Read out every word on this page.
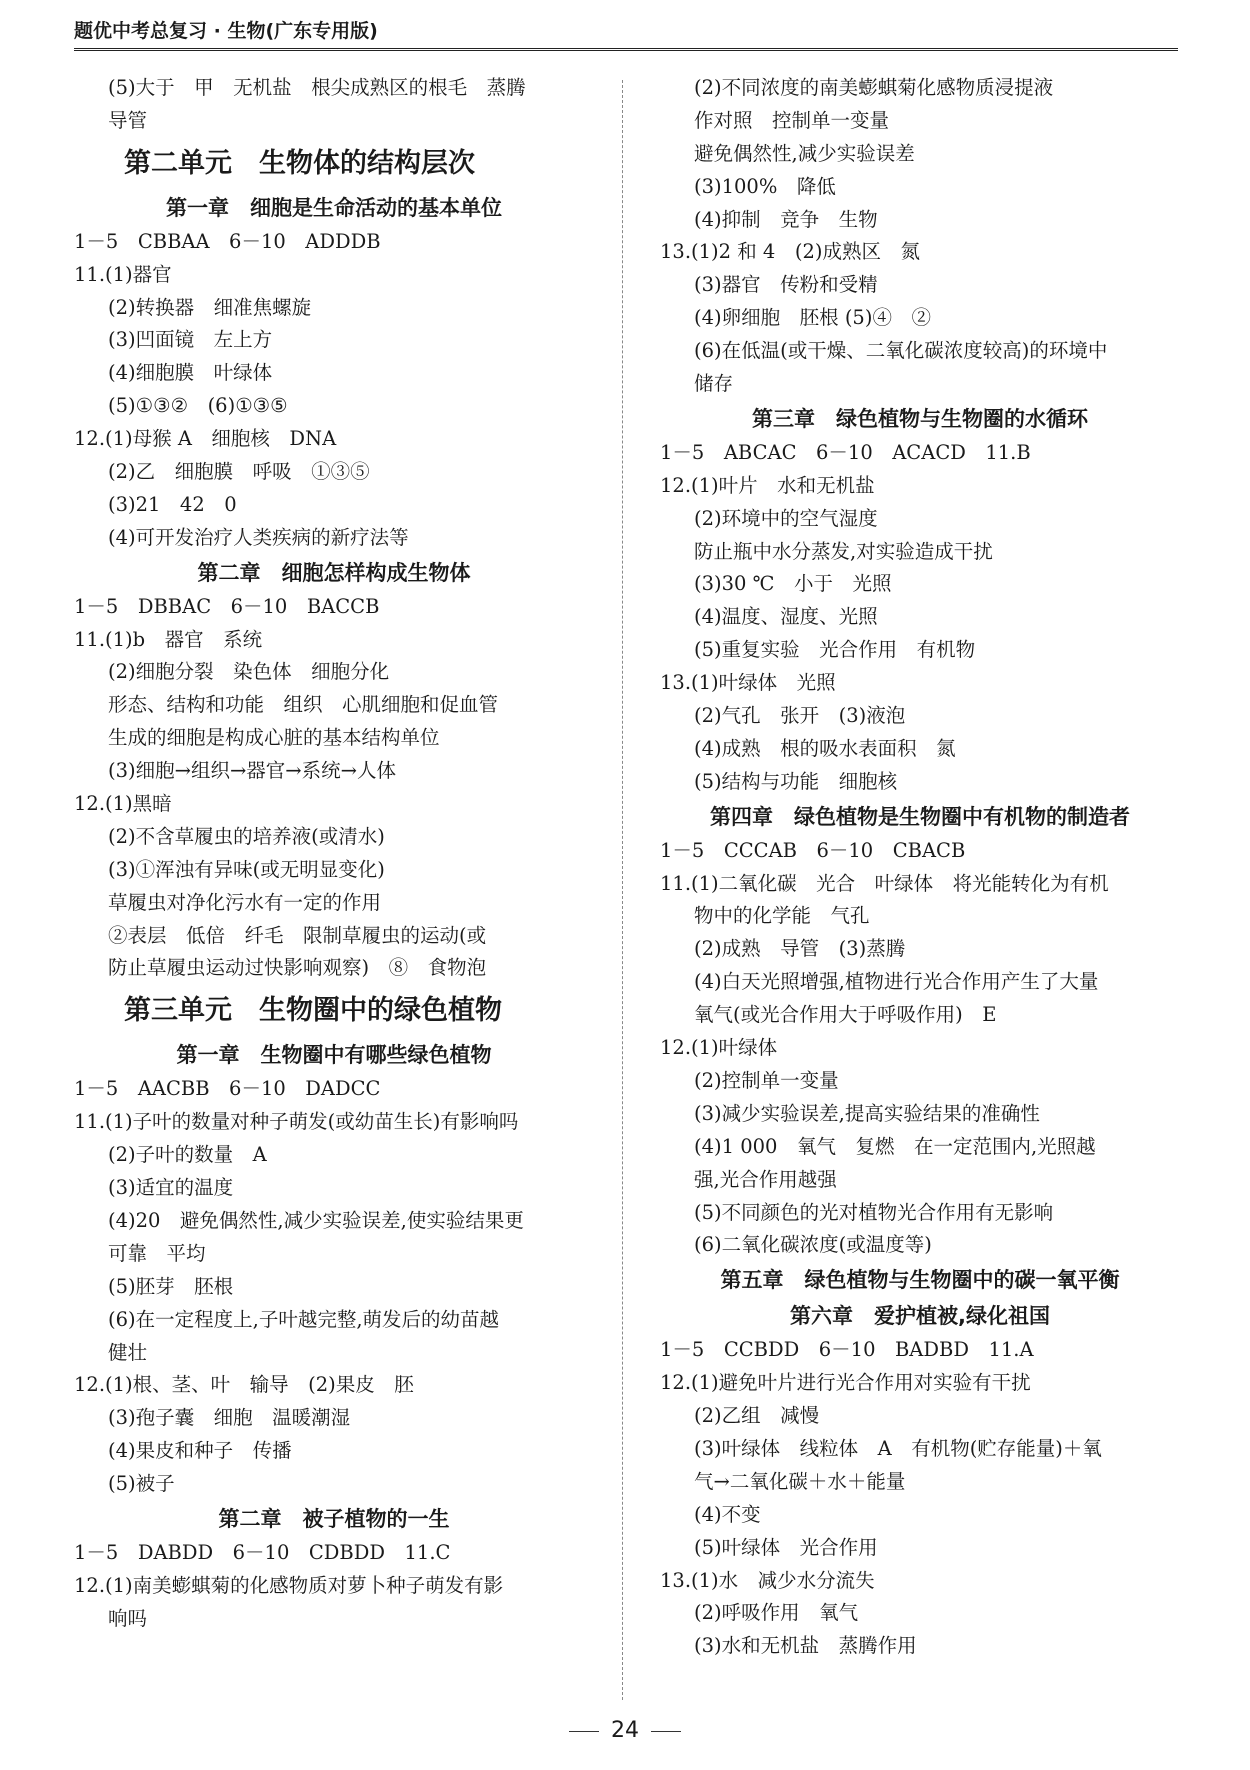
题优中考总复习 · 生物(广东专用版)
(5)大于　甲　无机盐　根尖成熟区的根毛　蒸腾
导管
第二单元　生物体的结构层次
第一章　细胞是生命活动的基本单位
1－5　CBBAA　6－10　ADDDB
11.(1)器官
(2)转换器　细准焦螺旋
(3)凹面镜　左上方
(4)细胞膜　叶绿体
(5)①③②　(6)①③⑤
12.(1)母猴 A　细胞核　DNA
(2)乙　细胞膜　呼吸　①③⑤
(3)21　42　0
(4)可开发治疗人类疾病的新疗法等
第二章　细胞怎样构成生物体
1－5　DBBAC　6－10　BACCB
11.(1)b　器官　系统
(2)细胞分裂　染色体　细胞分化
形态、结构和功能　组织　心肌细胞和促血管
生成的细胞是构成心脏的基本结构单位
(3)细胞→组织→器官→系统→人体
12.(1)黑暗
(2)不含草履虫的培养液(或清水)
(3)①浑浊有异味(或无明显变化)
草履虫对净化污水有一定的作用
②表层　低倍　纤毛　限制草履虫的运动(或
防止草履虫运动过快影响观察)　⑧　食物泡
第三单元　生物圈中的绿色植物
第一章　生物圈中有哪些绿色植物
1－5　AACBB　6－10　DADCC
11.(1)子叶的数量对种子萌发(或幼苗生长)有影响吗
(2)子叶的数量　A
(3)适宜的温度
(4)20　避免偶然性,减少实验误差,使实验结果更
可靠　平均
(5)胚芽　胚根
(6)在一定程度上,子叶越完整,萌发后的幼苗越
健壮
12.(1)根、茎、叶　输导　(2)果皮　胚
(3)孢子囊　细胞　温暖潮湿
(4)果皮和种子　传播
(5)被子
第二章　被子植物的一生
1－5　DABDD　6－10　CDBDD　11.C
12.(1)南美蟛蜞菊的化感物质对萝卜种子萌发有影
响吗
(2)不同浓度的南美蟛蜞菊化感物质浸提液
作对照　控制单一变量
避免偶然性,减少实验误差
(3)100%　降低
(4)抑制　竞争　生物
13.(1)2 和 4　(2)成熟区　氮
(3)器官　传粉和受精
(4)卵细胞　胚根 (5)④　②
(6)在低温(或干燥、二氧化碳浓度较高)的环境中
储存
第三章　绿色植物与生物圈的水循环
1－5　ABCAC　6－10　ACACD　11.B
12.(1)叶片　水和无机盐
(2)环境中的空气湿度
防止瓶中水分蒸发,对实验造成干扰
(3)30 ℃　小于　光照
(4)温度、湿度、光照
(5)重复实验　光合作用　有机物
13.(1)叶绿体　光照
(2)气孔　张开　(3)液泡
(4)成熟　根的吸水表面积　氮
(5)结构与功能　细胞核
第四章　绿色植物是生物圈中有机物的制造者
1－5　CCCAB　6－10　CBACB
11.(1)二氧化碳　光合　叶绿体　将光能转化为有机
物中的化学能　气孔
(2)成熟　导管　(3)蒸腾
(4)白天光照增强,植物进行光合作用产生了大量
氧气(或光合作用大于呼吸作用)　E
12.(1)叶绿体
(2)控制单一变量
(3)减少实验误差,提高实验结果的准确性
(4)1 000　氧气　复燃　在一定范围内,光照越
强,光合作用越强
(5)不同颜色的光对植物光合作用有无影响
(6)二氧化碳浓度(或温度等)
第五章　绿色植物与生物圈中的碳一氧平衡
第六章　爱护植被,绿化祖国
1－5　CCBDD　6－10　BADBD　11.A
12.(1)避免叶片进行光合作用对实验有干扰
(2)乙组　减慢
(3)叶绿体　线粒体　A　有机物(贮存能量)＋氧
气→二氧化碳＋水＋能量
(4)不变
(5)叶绿体　光合作用
13.(1)水　减少水分流失
(2)呼吸作用　氧气
(3)水和无机盐　蒸腾作用
24
